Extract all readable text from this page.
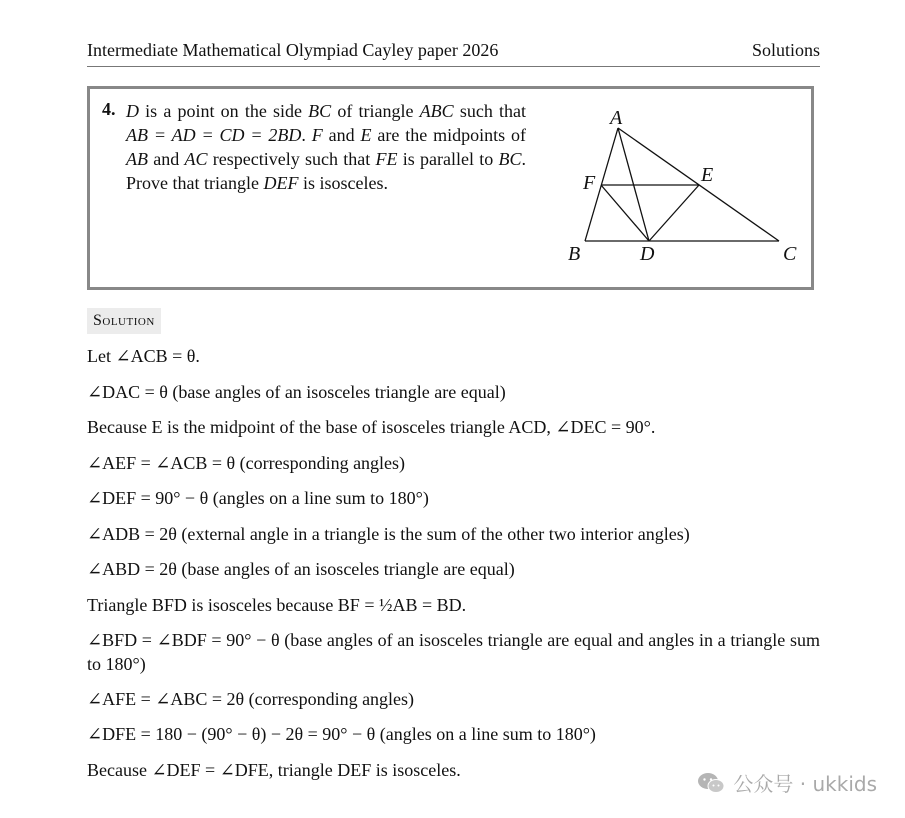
Intermediate Mathematical Olympiad Cayley paper 2026	Solutions
4. D is a point on the side BC of triangle ABC such that AB = AD = CD = 2BD. F and E are the midpoints of AB and AC respectively such that FE is parallel to BC. Prove that triangle DEF is isosceles.
A
B	C
D
E
F
Solution
Let ∠ACB = θ.
∠DAC = θ (base angles of an isosceles triangle are equal)
Because E is the midpoint of the base of isosceles triangle ACD, ∠DEC = 90°.
∠AEF = ∠ACB = θ (corresponding angles)
∠DEF = 90° − θ (angles on a line sum to 180°)
∠ADB = 2θ (external angle in a triangle is the sum of the other two interior angles)
∠ABD = 2θ (base angles of an isosceles triangle are equal)
Triangle BFD is isosceles because BF = ½AB = BD.
∠BFD = ∠BDF = 90° − θ (base angles of an isosceles triangle are equal and angles in a triangle sum to 180°)
∠AFE = ∠ABC = 2θ (corresponding angles)
∠DFE = 180 − (90° − θ) − 2θ = 90° − θ (angles on a line sum to 180°)
Because ∠DEF = ∠DFE, triangle DEF is isosceles.
公众号 · ukkids
